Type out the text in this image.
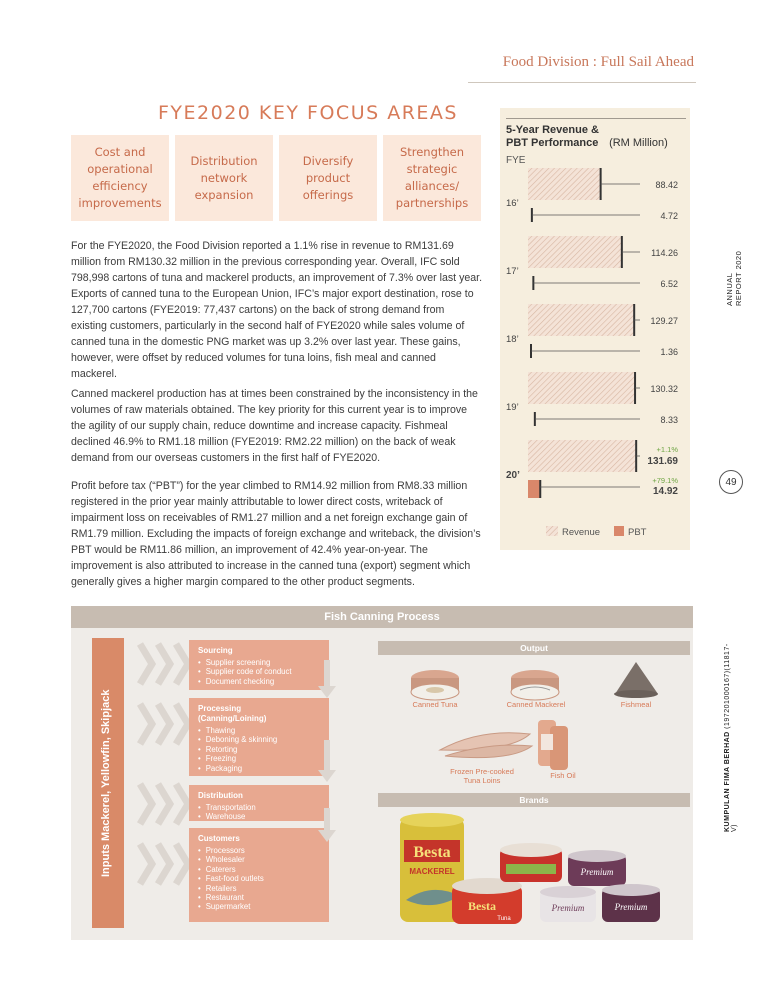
Food Division : Full Sail Ahead
FYE2020 KEY FOCUS AREAS
Cost and operational efficiency improvements
Distribution network expansion
Diversify product offerings
Strengthen strategic alliances/ partnerships

For the FYE2020, the Food Division reported a 1.1% rise in revenue to RM131.69 million from RM130.32 million in the previous corresponding year. Overall, IFC sold 798,998 cartons of tuna and mackerel products, an improvement of 7.3% over last year. Exports of canned tuna to the European Union, IFC’s major export destination, rose to 127,700 cartons (FYE2019: 77,437 cartons) on the back of strong demand from existing customers, particularly in the second half of FYE2020 while sales volume of canned tuna in the domestic PNG market was up 3.2% over last year. These gains, however, were offset by reduced volumes for tuna loins, fish meal and canned mackerel.

Canned mackerel production has at times been constrained by the inconsistency in the volumes of raw materials obtained. The key priority for this current year is to improve the agility of our supply chain, reduce downtime and increase capacity. Fishmeal declined 46.9% to RM1.18 million (FYE2019: RM2.22 million) on the back of weak demand from our overseas customers in the first half of FYE2020.

Profit before tax (“PBT”) for the year climbed to RM14.92 million from RM8.33 million registered in the prior year mainly attributable to lower direct costs, writeback of impairment loss on receivables of RM1.27 million and a net foreign exchange gain of RM1.79 million. Excluding the impacts of foreign exchange and writeback, the division’s PBT would be RM11.86 million, an improvement of 42.4% year-on-year. The improvement is also attributed to increase in the canned tuna (export) segment which generally gives a higher margin compared to the other product segments.

5-Year Revenue & PBT Performance (RM Million)
FYE
16’
88.42
4.72
17’
114.26
6.52
18’
129.27
1.36
19’
130.32
8.33
20’
131.69
14.92
+1.1%
+79.1%
Revenue	PBT
ANNUAL REPORT 2020
49
KUMPULAN FIMA BERHAD (197201000167)(11817-V)
Fish Canning Process
Inputs Mackerel, Yellowfin, Skipjack
Sourcing
• Supplier screening
• Supplier code of conduct
• Document checking
Processing (Canning/Loining)
• Thawing
• Deboning & skinning
• Retorting
• Freezing
• Packaging
Distribution
• Transportation
• Warehouse
Customers
• Processors
• Wholesaler
• Caterers
• Fast-food outlets
• Retailers
• Restaurant
• Supermarket
Output
Brands
Canned Tuna	Canned Mackerel	Fishmeal
Frozen Pre-cooked Tuna Loins
Fish Oil
Besta
MACKEREL
Besta
Tuna
Premium
Premium	Premium
